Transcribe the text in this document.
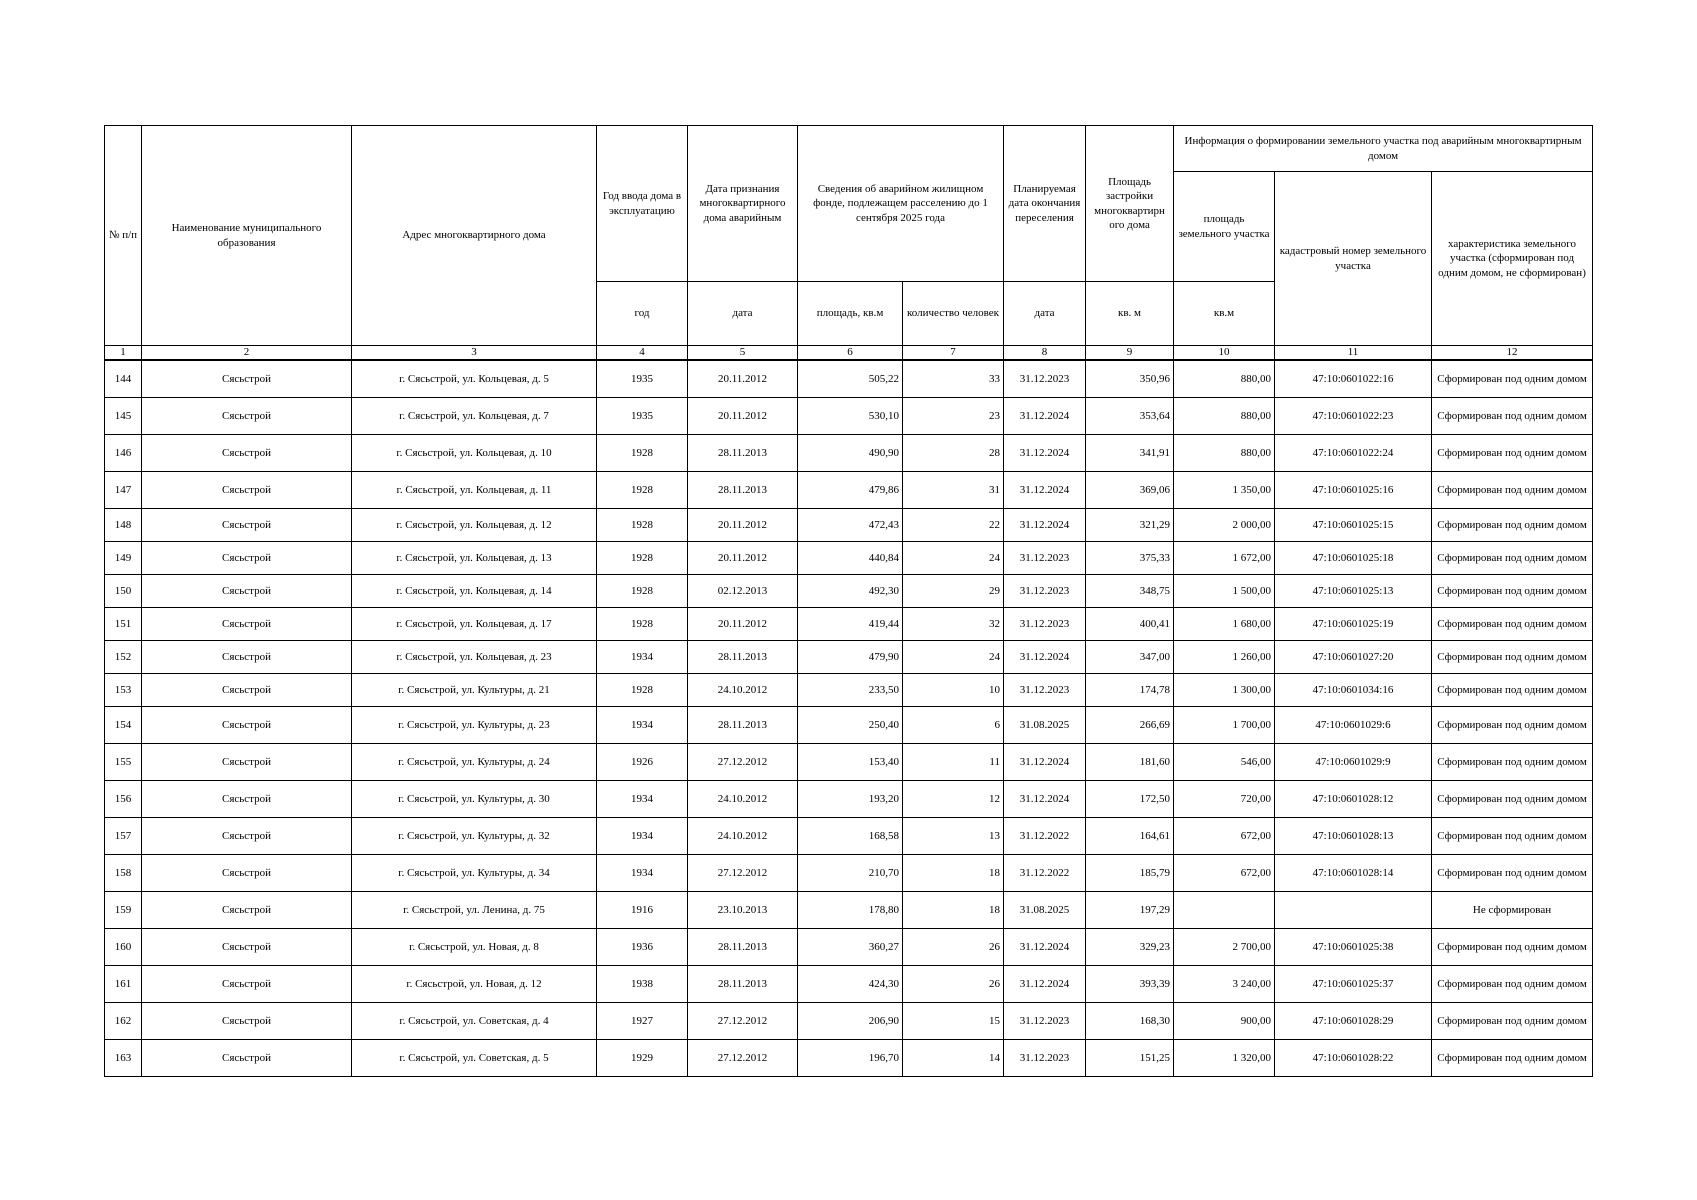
№ п/п	Наименование муниципального образования	Адрес многоквартирного дома	Год ввода дома в эксплуатацию	Дата признания многоквартирного дома аварийным	Сведения об аварийном жилищном фонде, подлежащем расселению до 1 сентября 2025 года		Планируемая дата окончания переселения	Площадь застройки многоквартирн ого дома	Информация о формировании земельного участка под аварийным многоквартирным домом		
									площадь земельного участка	кадастровый номер земельного участка	характеристика земельного участка (сформирован под одним домом, не сформирован)
			год	дата	площадь, кв.м	количество человек	дата	кв. м	кв.м		
1	2	3	4	5	6	7	8	9	10	11	12
144	Сясьстрой	г. Сясьстрой, ул. Кольцевая, д. 5	1935	20.11.2012	505,22	33	31.12.2023	350,96	880,00	47:10:0601022:16	Сформирован под одним домом
145	Сясьстрой	г. Сясьстрой, ул. Кольцевая, д. 7	1935	20.11.2012	530,10	23	31.12.2024	353,64	880,00	47:10:0601022:23	Сформирован под одним домом
146	Сясьстрой	г. Сясьстрой, ул. Кольцевая, д. 10	1928	28.11.2013	490,90	28	31.12.2024	341,91	880,00	47:10:0601022:24	Сформирован под одним домом
147	Сясьстрой	г. Сясьстрой, ул. Кольцевая, д. 11	1928	28.11.2013	479,86	31	31.12.2024	369,06	1 350,00	47:10:0601025:16	Сформирован под одним домом
148	Сясьстрой	г. Сясьстрой, ул. Кольцевая, д. 12	1928	20.11.2012	472,43	22	31.12.2024	321,29	2 000,00	47:10:0601025:15	Сформирован под одним домом
149	Сясьстрой	г. Сясьстрой, ул. Кольцевая, д. 13	1928	20.11.2012	440,84	24	31.12.2023	375,33	1 672,00	47:10:0601025:18	Сформирован под одним домом
150	Сясьстрой	г. Сясьстрой, ул. Кольцевая, д. 14	1928	02.12.2013	492,30	29	31.12.2023	348,75	1 500,00	47:10:0601025:13	Сформирован под одним домом
151	Сясьстрой	г. Сясьстрой, ул. Кольцевая, д. 17	1928	20.11.2012	419,44	32	31.12.2023	400,41	1 680,00	47:10:0601025:19	Сформирован под одним домом
152	Сясьстрой	г. Сясьстрой, ул. Кольцевая, д. 23	1934	28.11.2013	479,90	24	31.12.2024	347,00	1 260,00	47:10:0601027:20	Сформирован под одним домом
153	Сясьстрой	г. Сясьстрой, ул. Культуры, д. 21	1928	24.10.2012	233,50	10	31.12.2023	174,78	1 300,00	47:10:0601034:16	Сформирован под одним домом
154	Сясьстрой	г. Сясьстрой, ул. Культуры, д. 23	1934	28.11.2013	250,40	6	31.08.2025	266,69	1 700,00	47:10:0601029:6	Сформирован под одним домом
155	Сясьстрой	г. Сясьстрой, ул. Культуры, д. 24	1926	27.12.2012	153,40	11	31.12.2024	181,60	546,00	47:10:0601029:9	Сформирован под одним домом
156	Сясьстрой	г. Сясьстрой, ул. Культуры, д. 30	1934	24.10.2012	193,20	12	31.12.2024	172,50	720,00	47:10:0601028:12	Сформирован под одним домом
157	Сясьстрой	г. Сясьстрой, ул. Культуры, д. 32	1934	24.10.2012	168,58	13	31.12.2022	164,61	672,00	47:10:0601028:13	Сформирован под одним домом
158	Сясьстрой	г. Сясьстрой, ул. Культуры, д. 34	1934	27.12.2012	210,70	18	31.12.2022	185,79	672,00	47:10:0601028:14	Сформирован под одним домом
159	Сясьстрой	г. Сясьстрой, ул. Ленина, д. 75	1916	23.10.2013	178,80	18	31.08.2025	197,29			Не сформирован
160	Сясьстрой	г. Сясьстрой, ул. Новая, д. 8	1936	28.11.2013	360,27	26	31.12.2024	329,23	2 700,00	47:10:0601025:38	Сформирован под одним домом
161	Сясьстрой	г. Сясьстрой, ул. Новая, д. 12	1938	28.11.2013	424,30	26	31.12.2024	393,39	3 240,00	47:10:0601025:37	Сформирован под одним домом
162	Сясьстрой	г. Сясьстрой, ул. Советская, д. 4	1927	27.12.2012	206,90	15	31.12.2023	168,30	900,00	47:10:0601028:29	Сформирован под одним домом
163	Сясьстрой	г. Сясьстрой, ул. Советская, д. 5	1929	27.12.2012	196,70	14	31.12.2023	151,25	1 320,00	47:10:0601028:22	Сформирован под одним домом
